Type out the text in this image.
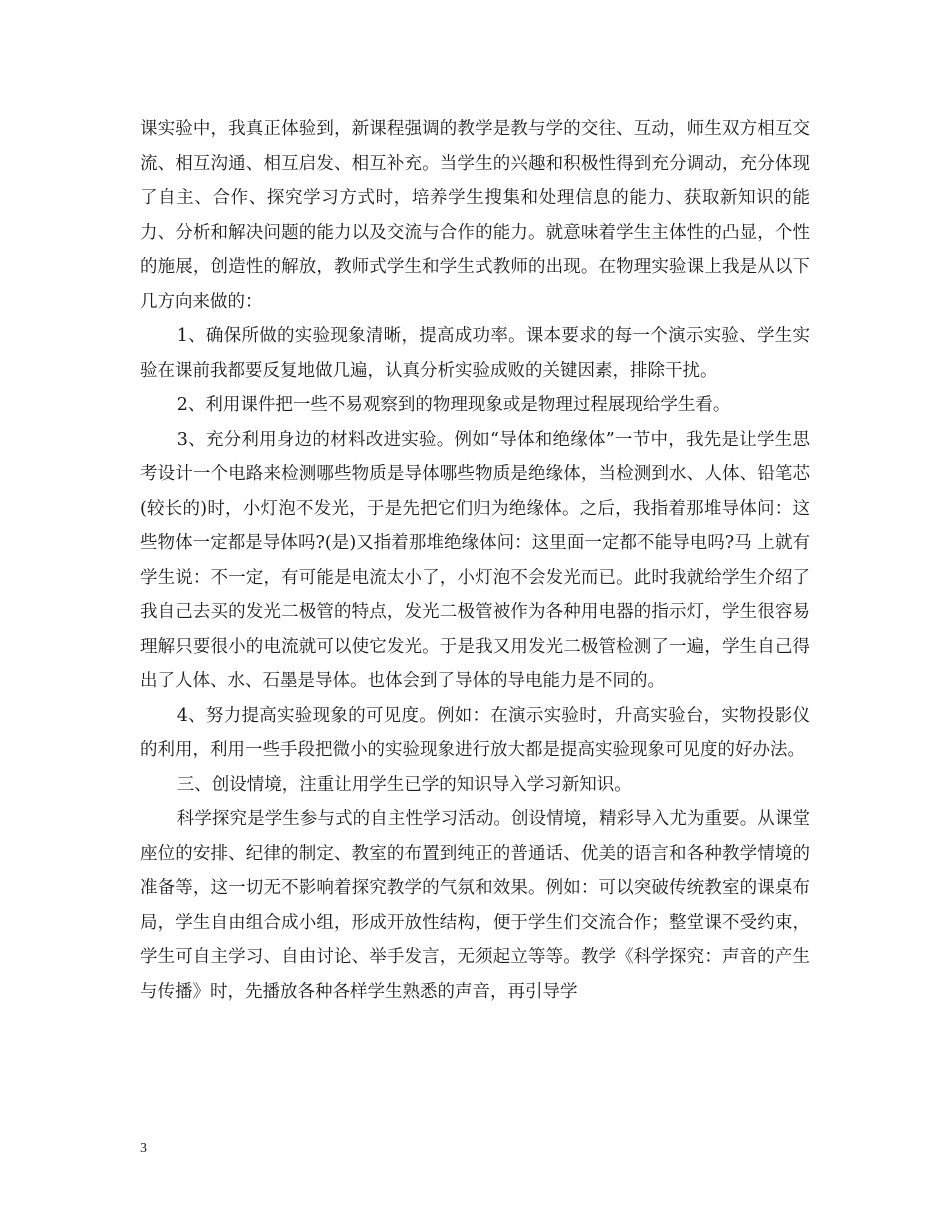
课实验中，我真正体验到，新课程强调的教学是教与学的交往、互动，师生双方相互交流、相互沟通、相互启发、相互补充。当学生的兴趣和积极性得到充分调动，充分体现了自主、合作、探究学习方式时，培养学生搜集和处理信息的能力、获取新知识的能力、分析和解决问题的能力以及交流与合作的能力。就意味着学生主体性的凸显，个性的施展，创造性的解放，教师式学生和学生式教师的出现。在物理实验课上我是从以下几方向来做的：

1、确保所做的实验现象清晰，提高成功率。课本要求的每一个演示实验、学生实验在课前我都要反复地做几遍，认真分析实验成败的关键因素，排除干扰。

2、利用课件把一些不易观察到的物理现象或是物理过程展现给学生看。

3、充分利用身边的材料改进实验。例如“导体和绝缘体”一节中，我先是让学生思考设计一个电路来检测哪些物质是导体哪些物质是绝缘体，当检测到水、人体、铅笔芯(较长的)时，小灯泡不发光，于是先把它们归为绝缘体。之后，我指着那堆导体问：这些物体一定都是导体吗?(是)又指着那堆绝缘体问：这里面一定都不能导电吗?马 上就有学生说：不一定，有可能是电流太小了，小灯泡不会发光而已。此时我就给学生介绍了我自己去买的发光二极管的特点，发光二极管被作为各种用电器的指示灯，学生很容易理解只要很小的电流就可以使它发光。于是我又用发光二极管检测了一遍，学生自己得出了人体、水、石墨是导体。也体会到了导体的导电能力是不同的。

4、努力提高实验现象的可见度。例如：在演示实验时，升高实验台，实物投影仪的利用，利用一些手段把微小的实验现象进行放大都是提高实验现象可见度的好办法。

三、创设情境，注重让用学生已学的知识导入学习新知识。

科学探究是学生参与式的自主性学习活动。创设情境，精彩导入尤为重要。从课堂座位的安排、纪律的制定、教室的布置到纯正的普通话、优美的语言和各种教学情境的准备等，这一切无不影响着探究教学的气氛和效果。例如：可以突破传统教室的课桌布局，学生自由组合成小组，形成开放性结构，便于学生们交流合作；整堂课不受约束，学生可自主学习、自由讨论、举手发言，无须起立等等。教学《科学探究：声音的产生与传播》时，先播放各种各样学生熟悉的声音，再引导学

3
